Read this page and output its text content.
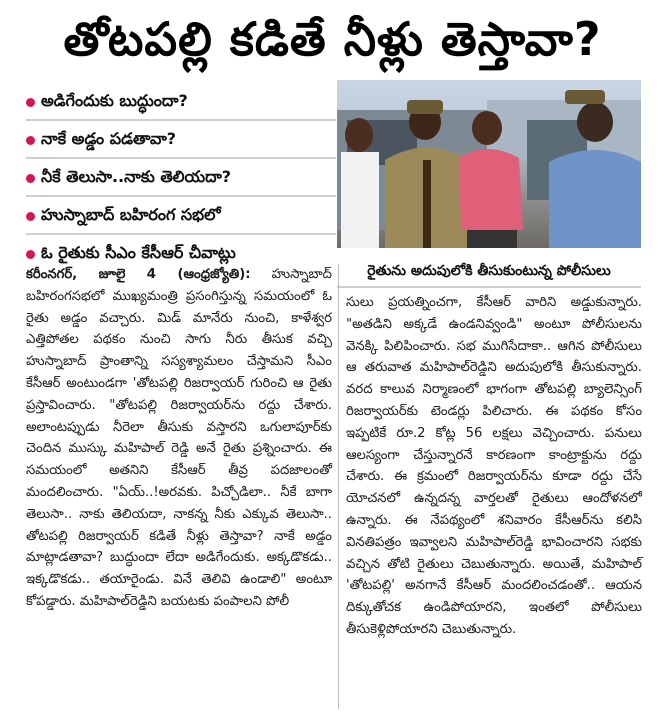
తోటపల్లి కడితే నీళ్లు తెస్తావా?
అడిగేందుకు బుద్ధుందా?
నాకే అడ్డం పడతావా?
నీకే తెలుసా..నాకు తెలియదా?
హుస్నాబాద్ బహిరంగ సభలో
ఓ రైతుకు సీఎం కేసీఆర్ చీవాట్లు
రైతును అదుపులోకి తీసుకుంటున్న పోలీసులు

కరీంనగర్, జూలై 4 (ఆంధ్రజ్యోతి): హుస్నాబాద్ బహిరంగసభలో ముఖ్యమంత్రి ప్రసంగిస్తున్న సమయంలో ఓ రైతు అడ్డం వచ్చారు. మిడ్ మానేరు నుంచి, కాళేశ్వర ఎత్తిపోతల పథకం నుంచి సాగు నీరు తీసుక వచ్చి హుస్నాబాద్ ప్రాంతాన్ని సస్యశ్యామలం చేస్తామని సీఎం కేసీఆర్ అంటుండగా 'తోటపల్లి రిజర్వాయర్ గురించి ఆ రైతు ప్రస్తావించారు. "తోటపల్లి రిజర్వాయర్‌ను రద్దు చేశారు. అలాంటప్పుడు నీరెలా తీసుకు వస్తారని ఒగులాపూర్‌కు చెందిన ముస్కు మహిపాల్ రెడ్డి అనే రైతు ప్రశ్నించారు. ఈ సమయంలో అతనిని కేసీఆర్ తీవ్ర పదజాలంతో మందలించారు. "ఏయ్..!అరవకు. పిచ్చోడిలా.. నీకే బాగా తెలుసా.. నాకు తెలియదా, నాకన్న నీకు ఎక్కువ తెలుసా.. తోటపల్లి రిజర్వాయర్ కడితే నీళ్లు తెస్తావా? నాకే అడ్డం మాట్లాడతావా? బుద్ధుందా లేదా అడిగేందుకు. అక్కడొకడు.. ఇక్కడొకడు.. తయారైండు. వినే తెలివి ఉండాలి" అంటూ కోపడ్డారు. మహిపాల్‌రెడ్డిని బయటకు పంపాలని పోలీ

సులు ప్రయత్నించగా, కేసీఆర్ వారిని అడ్డుకున్నారు. "అతడిని అక్కడే ఉండనివ్వండి" అంటూ పోలీసులను వెనక్కి పిలిపించారు. సభ ముగిసేదాకా.. ఆగిన పోలీసులు ఆ తరువాత మహిపాల్‌రెడ్డిని అదుపులోకి తీసుకున్నారు. వరద కాలువ నిర్మాణంలో భాగంగా తోటపల్లి బ్యాలెన్సింగ్ రిజర్వాయర్‌కు టెండర్లు పిలిచారు. ఈ పథకం కోసం ఇప్పటికే రూ.2 కోట్ల 56 లక్షలు వెచ్చించారు. పనులు ఆలస్యంగా చేస్తున్నారనే కారణంగా కాంట్రాక్టును రద్దు చేశారు. ఈ క్రమంలో రిజర్వాయర్‌ను కూడా రద్దు చేసే యోచనలో ఉన్నదన్న వార్తలతో రైతులు ఆందోళనలో ఉన్నారు. ఈ నేపథ్యంలో శనివారం కేసీఆర్‌ను కలిసి వినతిపత్రం ఇవ్వాలని మహిపాల్‌రెడ్డి భావించారని సభకు వచ్చిన తోటి రైతులు చెబుతున్నారు. అయితే, మహిపాల్ 'తోటపల్లి' అనగానే కేసీఆర్ మందలించడంతో.. ఆయన దిక్కుతోచక ఉండిపోయారని, ఇంతలో పోలీసులు తీసుకెళ్లిపోయారని చెబుతున్నారు.
